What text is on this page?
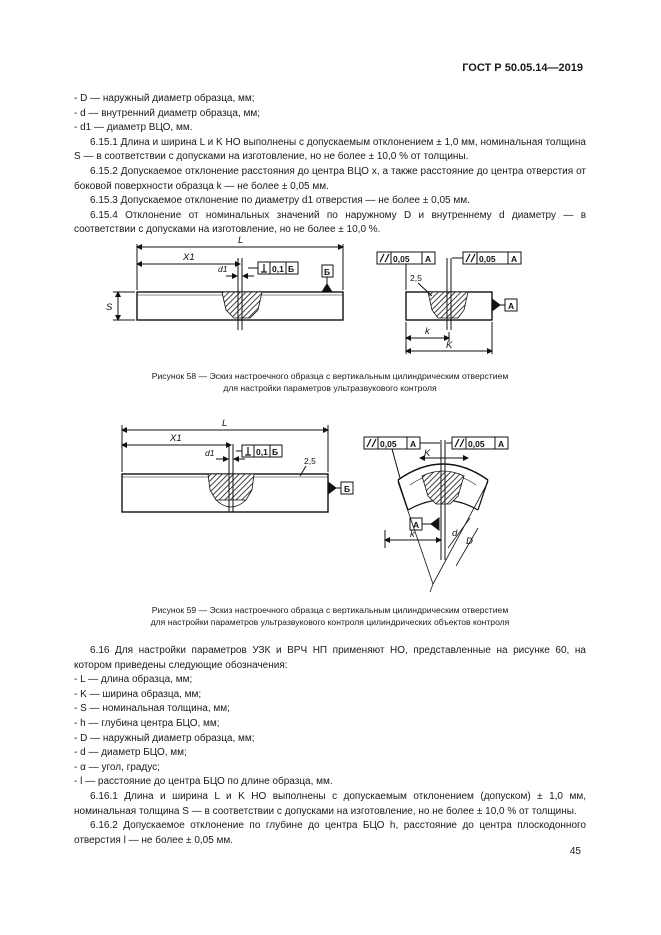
ГОСТ Р 50.05.14—2019

- D — наружный диаметр образца, мм;

- d — внутренний диаметр образца, мм;

- d1 — диаметр ВЦО, мм.

6.15.1 Длина и ширина L и K НО выполнены с допускаемым отклонением ± 1,0 мм, номинальная толщина S — в соответствии с допусками на изготовление, но не более ± 10,0 % от толщины.

6.15.2 Допускаемое отклонение расстояния до центра ВЦО x, а также расстояние до центра отверстия от боковой поверхности образца k — не более ± 0,05 мм.

6.15.3 Допускаемое отклонение по диаметру d1 отверстия — не более ± 0,05 мм.

6.15.4 Отклонение от номинальных значений по наружному D и внутреннему d диаметру — в соответствии с допусками на изготовление, но не более ± 10,0 %.

L
X1
d1
S
0,1 Б	Б
0,05 А	0,05 А
2,5
А
k
K
L
X1
d1	0,1 Б
2,5
Б
0,05 А	0,05 А
K
А
k	d
D
Рисунок 58 — Эскиз настроечного образца с вертикальным цилиндрическим отверстием
для настройки параметров ультразвукового контроля
Рисунок 59 — Эскиз настроечного образца с вертикальным цилиндрическим отверстием
для настройки параметров ультразвукового контроля цилиндрических объектов контроля

6.16 Для настройки параметров УЗК и ВРЧ НП применяют НО, представленные на рисунке 60, на котором приведены следующие обозначения:

- L — длина образца, мм;

- K — ширина образца, мм;

- S — номинальная толщина, мм;

- h — глубина центра БЦО, мм;

- D — наружный диаметр образца, мм;

- d — диаметр БЦО, мм;

- α — угол, градус;

- l — расстояние до центра БЦО по длине образца, мм.

6.16.1 Длина и ширина L и K НО выполнены с допускаемым отклонением (допуском) ± 1,0 мм, номинальная толщина S — в соответствии с допусками на изготовление, но не более ± 10,0 % от толщины.

6.16.2 Допускаемое отклонение по глубине до центра БЦО h, расстояние до центра плоскодонного отверстия l — не более ± 0,05 мм.

45
